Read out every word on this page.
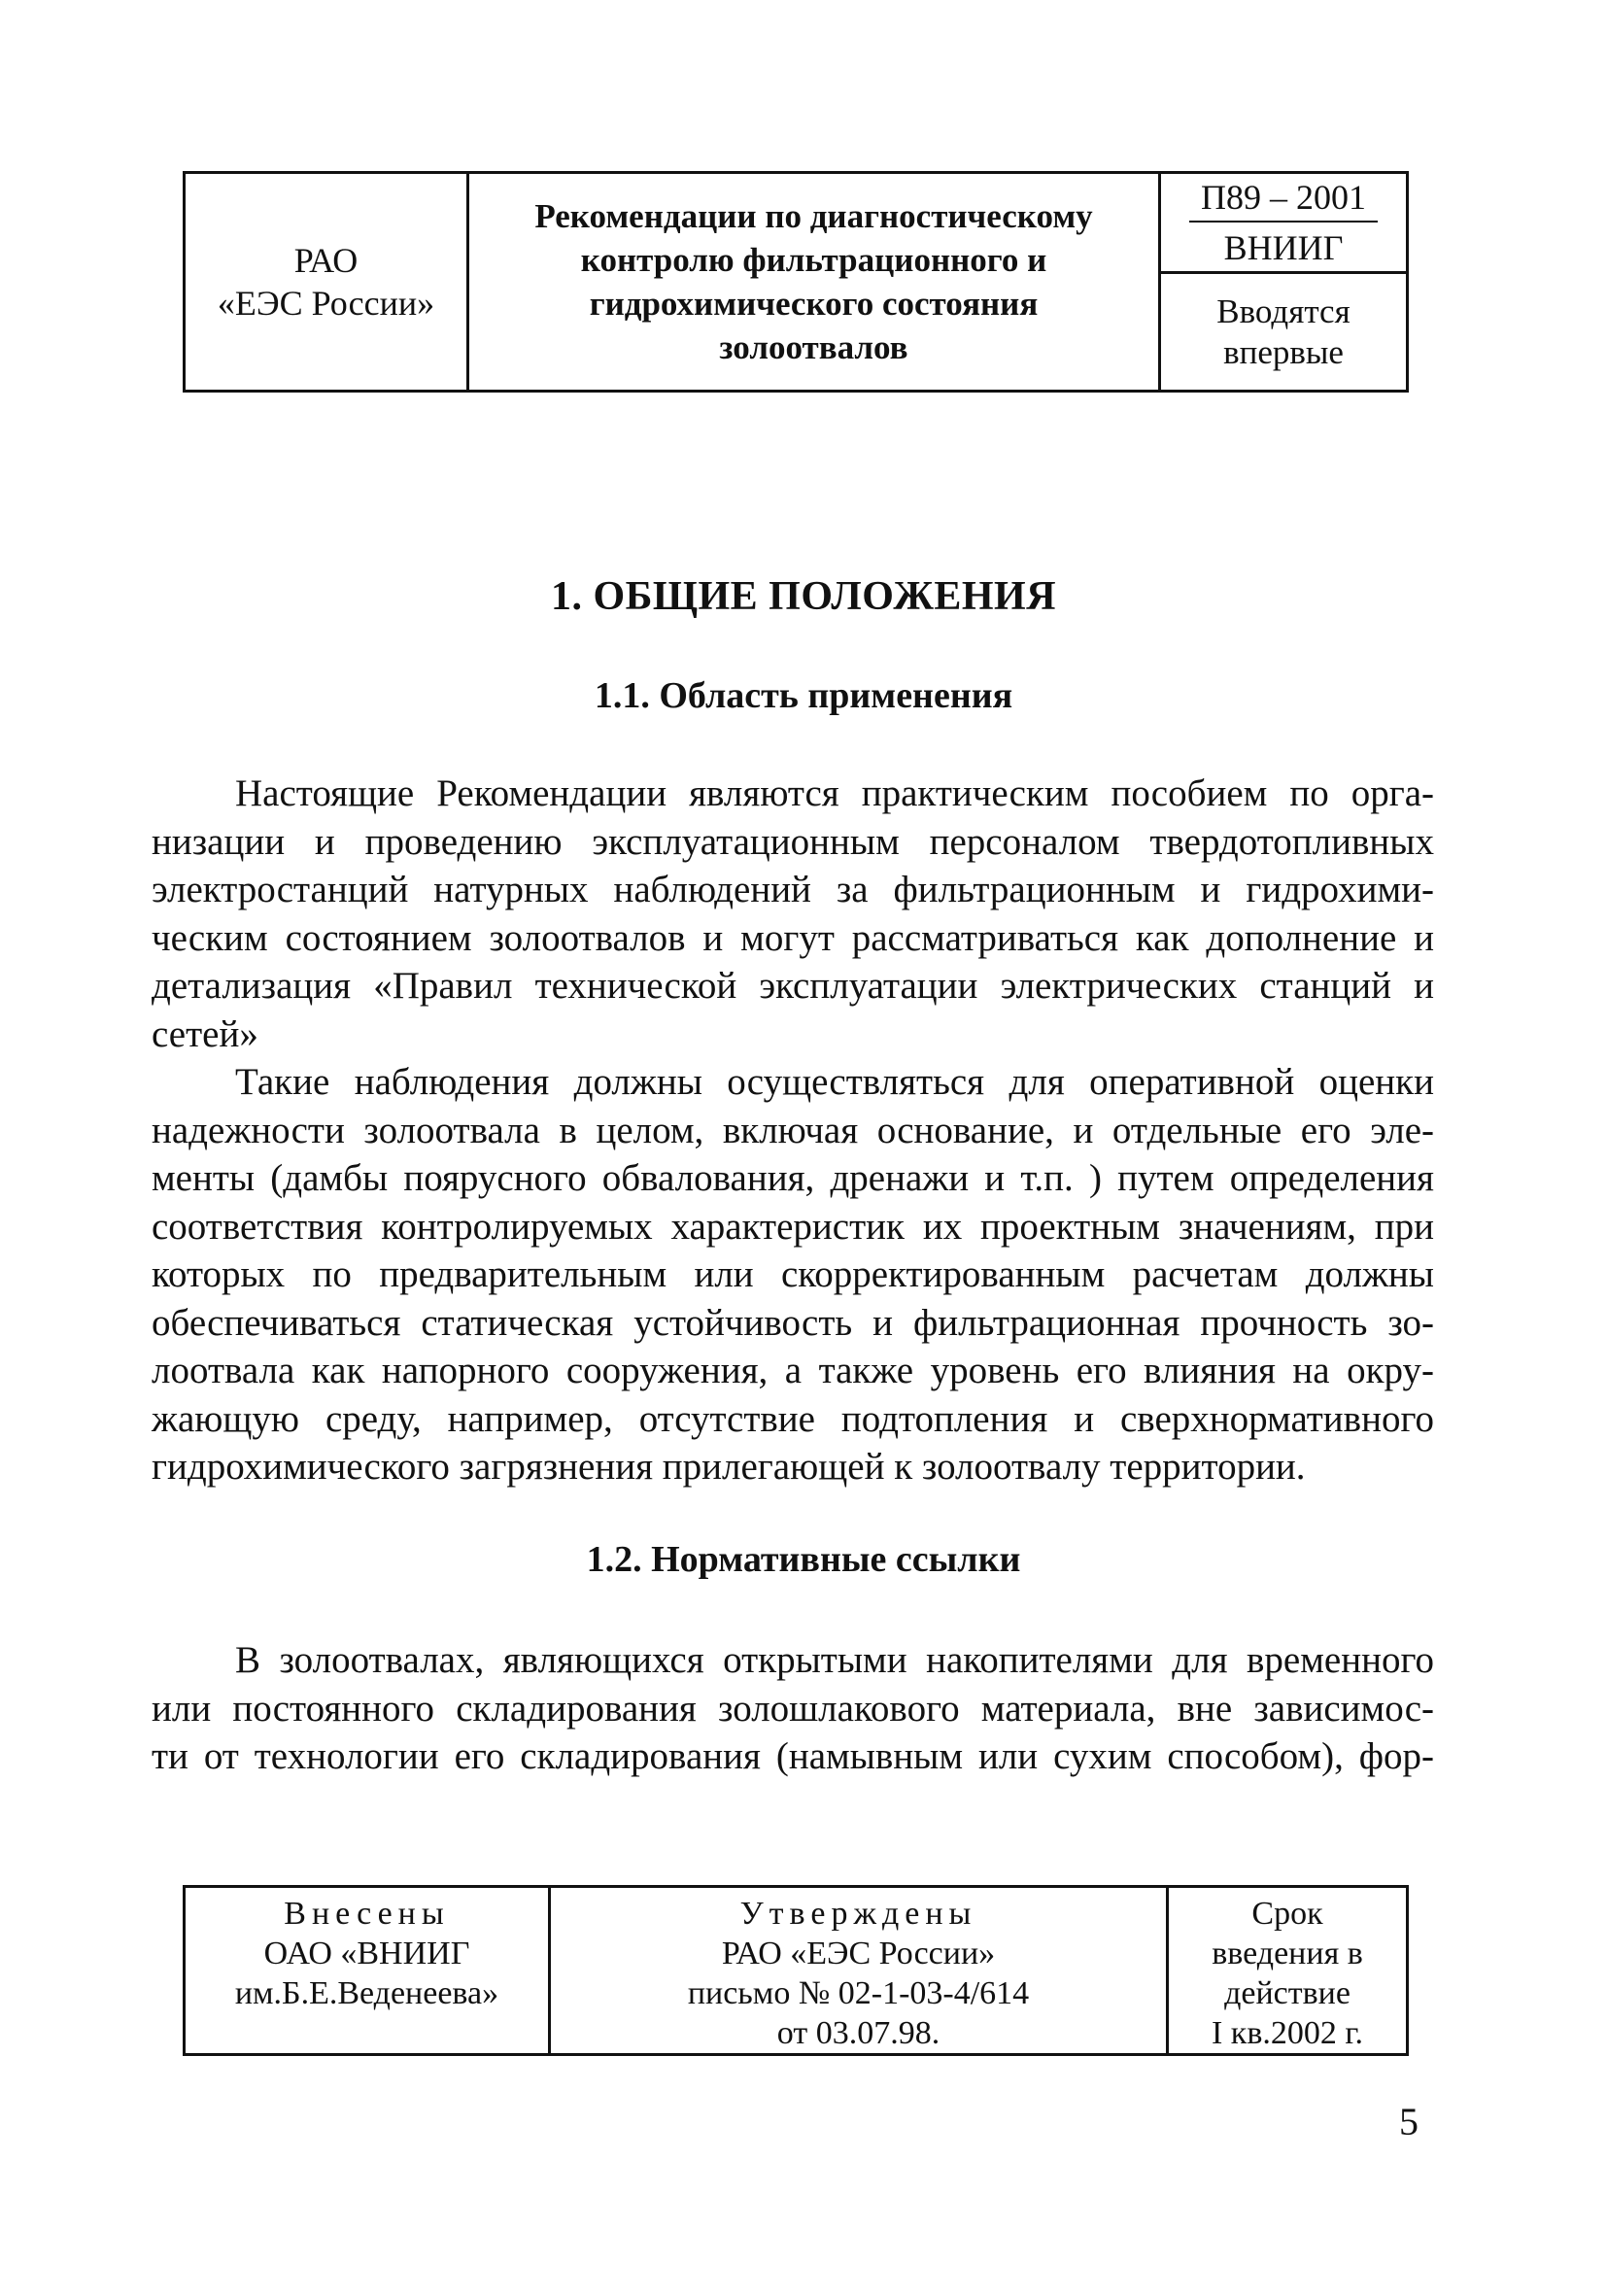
РАО
«ЕЭС России»
Рекомендации по диагностическому
контролю фильтрационного и
гидрохимического состояния
золоотвалов
П89 – 2001
ВНИИГ
Вводятся
впервые
1. ОБЩИЕ ПОЛОЖЕНИЯ
1.1. Область применения
Настоящие Рекомендации являются практическим пособием по орга-
низации и проведению эксплуатационным персоналом твердотопливных
электростанций натурных наблюдений за фильтрационным и гидрохими-
ческим состоянием золоотвалов и могут рассматриваться как дополнение и
детализация «Правил технической эксплуатации электрических станций и
сетей»
Такие наблюдения должны осуществляться для оперативной оценки
надежности золоотвала в целом, включая основание, и отдельные его эле-
менты (дамбы поярусного обвалования, дренажи и т.п. ) путем определения
соответствия контролируемых характеристик их проектным значениям, при
которых по предварительным или скорректированным расчетам должны
обеспечиваться статическая устойчивость и фильтрационная прочность зо-
лоотвала как напорного сооружения, а также уровень его влияния на окру-
жающую среду, например, отсутствие подтопления и сверхнормативного
гидрохимического загрязнения прилегающей к золоотвалу территории.
1.2. Нормативные ссылки
В золоотвалах, являющихся открытыми накопителями для временного
или постоянного складирования золошлакового материала, вне зависимос-
ти от технологии его складирования (намывным или сухим способом), фор-
Внесены
ОАО «ВНИИГ
им.Б.Е.Веденеева»
Утверждены
РАО «ЕЭС России»
письмо № 02-1-03-4/614
от 03.07.98.
Срок
введения в
действие
I кв.2002 г.
5
